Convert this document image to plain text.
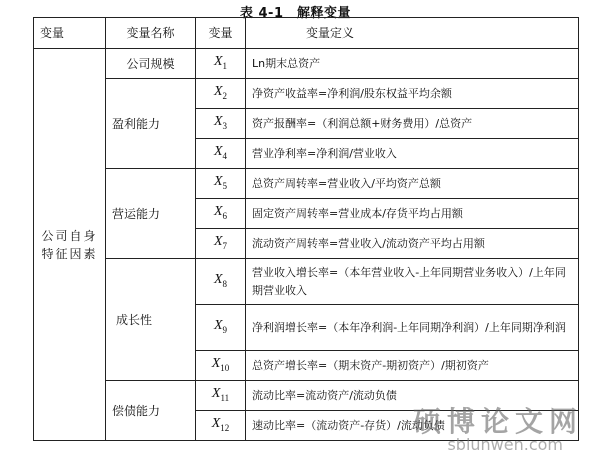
表 4-1　解释变量
变量	变量名称	变量	变量定义
公司自身特征因素	公司规模	$X_1$	Ln期末总资产
	盈利能力	$X_2$	净资产收益率=净利润/股东权益平均余额
		$X_3$	资产报酬率=（利润总额+财务费用）/总资产
		$X_4$	营业净利率=净利润/营业收入
	营运能力	$X_5$	总资产周转率=营业收入/平均资产总额
		$X_6$	固定资产周转率=营业成本/存货平均占用额
		$X_7$	流动资产周转率=营业收入/流动资产平均占用额
	成长性	$X_8$	营业收入增长率=（本年营业收入-上年同期营业务收入）/上年同期营业收入
		$X_9$	净利润增长率=（本年净利润-上年同期净利润）/上年同期净利润
		$X_{10}$	总资产增长率=（期末资产-期初资产）/期初资产
	偿债能力	$X_{11}$	流动比率=流动资产/流动负债
		$X_{12}$	速动比率=（流动资产-存货）/流动负债
硕博论文网
sblunwen.com
